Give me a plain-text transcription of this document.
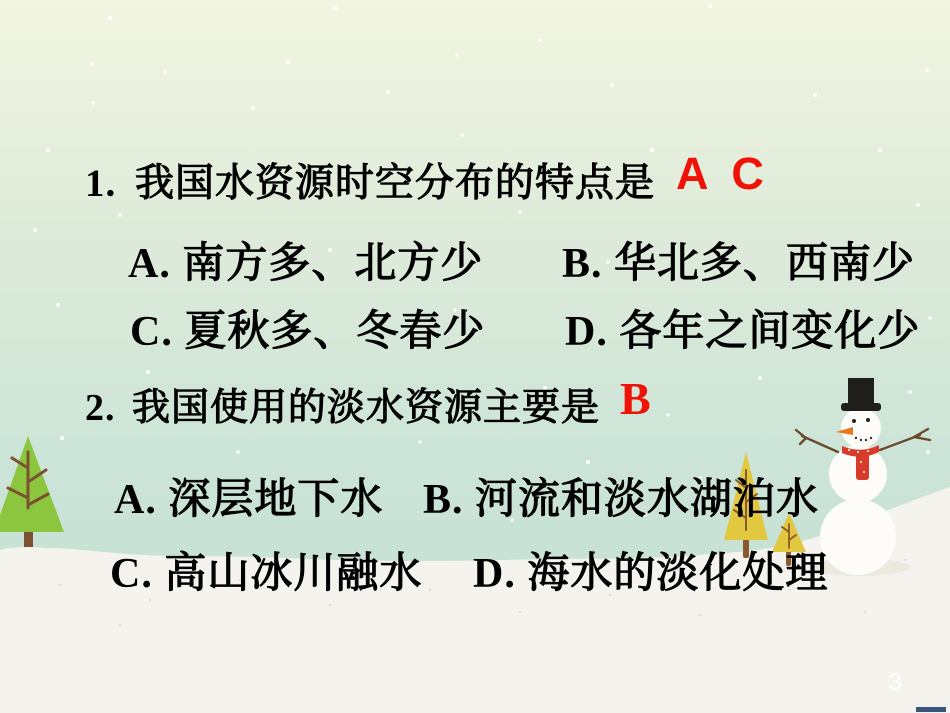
1. 我国水资源时空分布的特点是 A C
A. 南方多、北方少 B. 华北多、西南少
C. 夏秋多、冬春少 D. 各年之间变化少
2. 我国使用的淡水资源主要是 B
A. 深层地下水 B. 河流和淡水湖泊水
C. 高山冰川融水 D. 海水的淡化处理
3
